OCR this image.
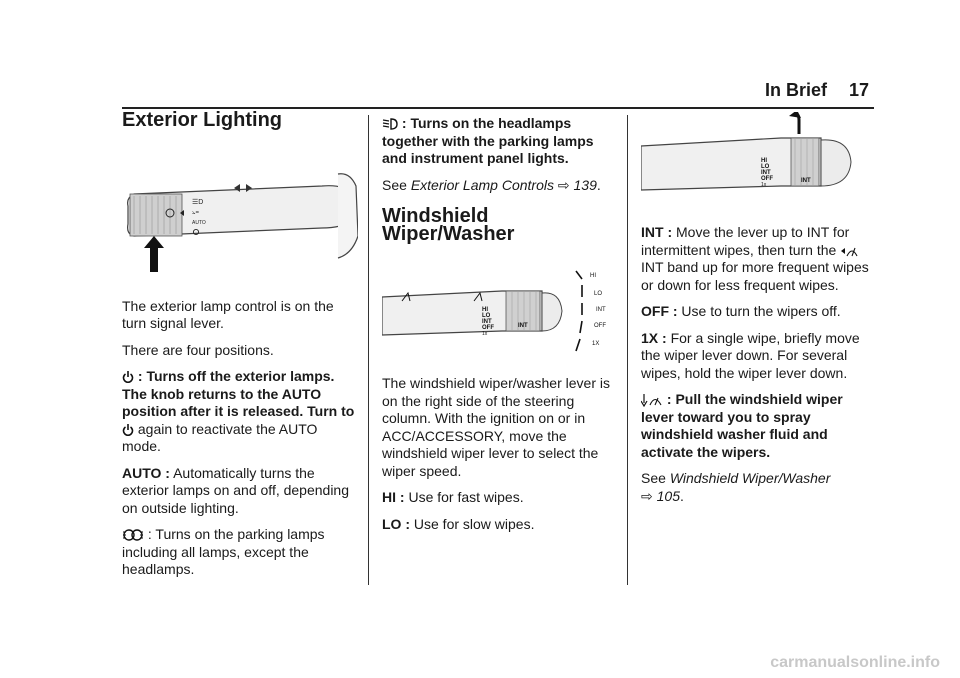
In Brief 17
Exterior Lighting
☰D
⦣=
AUTO

The exterior lamp control is on the turn signal lever.

There are four positions.

: Turns off the exterior lamps. The knob returns to the AUTO position after it is released. Turn to  again to reactivate the AUTO mode.

AUTO : Automatically turns the exterior lamps on and off, depending on outside lighting.

: Turns on the parking lamps including all lamps, except the headlamps.

: Turns on the headlamps together with the parking lamps and instrument panel lights.

See Exterior Lamp Controls ⇨ 139.

Windshield Wiper/Washer
HI
LO
INT
OFF
1x
INT
HI
LO
INT
OFF
1X

The windshield wiper/washer lever is on the right side of the steering column. With the ignition on or in ACC/ACCESSORY, move the windshield wiper lever to select the wiper speed.

HI : Use for fast wipes.

LO : Use for slow wipes.

HI
LO
INT
OFF
1x
INT

INT : Move the lever up to INT for intermittent wipes, then turn the
INT band up for more frequent wipes or down for less frequent wipes.

OFF : Use to turn the wipers off.

1X : For a single wipe, briefly move the wiper lever down. For several wipes, hold the wiper lever down.

: Pull the windshield wiper lever toward you to spray windshield washer fluid and activate the wipers.

See Windshield Wiper/Washer
⇨ 105.

carmanualsonline.info
